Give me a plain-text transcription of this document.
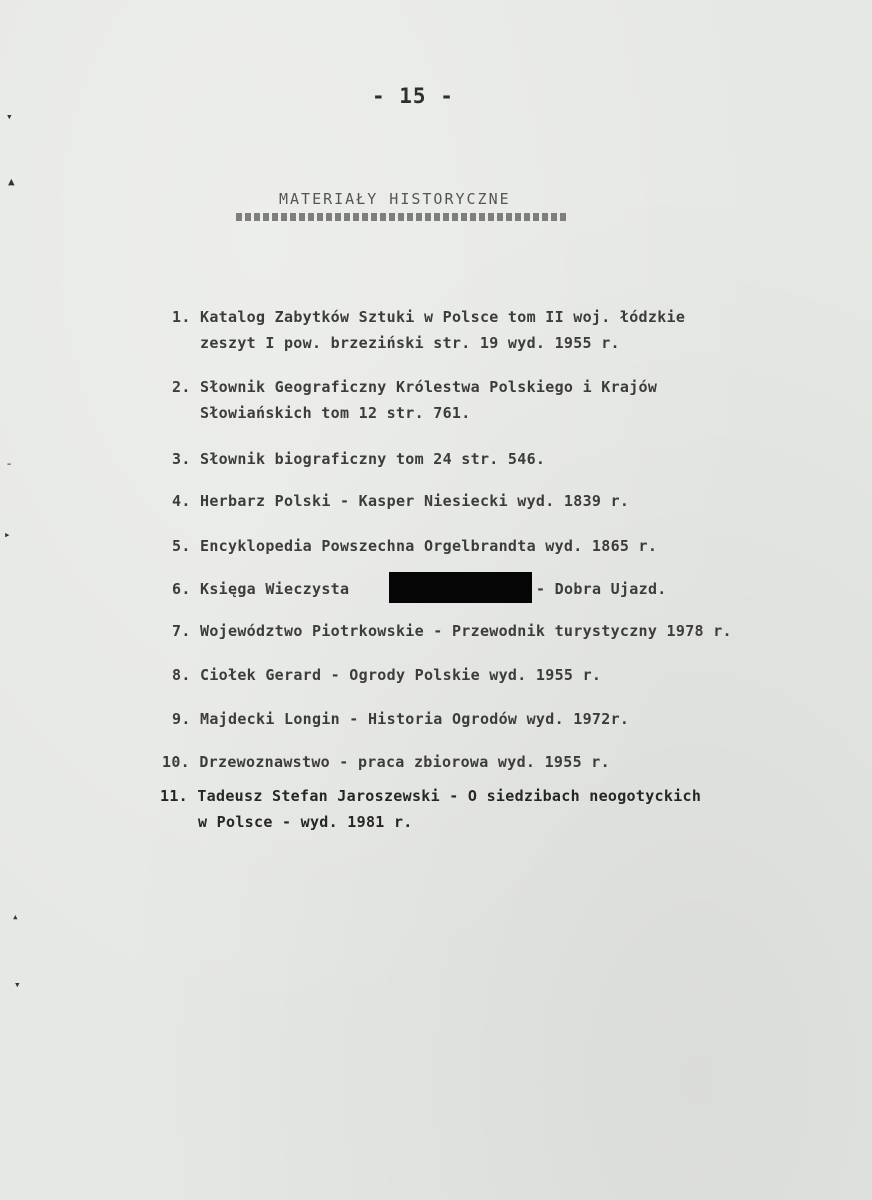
▾
▲
╶
▸
▴
▾
- 15 -
MATERIAŁY HISTORYCZNE
1. Katalog Zabytków Sztuki w Polsce tom II woj. łódzkie
zeszyt I pow. brzeziński str. 19 wyd. 1955 r.
2. Słownik Geograficzny Królestwa Polskiego i Krajów
Słowiańskich tom 12 str. 761.
3. Słownik biograficzny tom 24 str. 546.
4. Herbarz Polski - Kasper Niesiecki wyd. 1839 r.
5. Encyklopedia Powszechna Orgelbrandta wyd. 1865 r.
6. Księga Wieczysta	- Dobra Ujazd.
7. Województwo Piotrkowskie - Przewodnik turystyczny 1978 r.
8. Ciołek Gerard - Ogrody Polskie wyd. 1955 r.
9. Majdecki Longin - Historia Ogrodów wyd. 1972r.
10. Drzewoznawstwo - praca zbiorowa wyd. 1955 r.
11. Tadeusz Stefan Jaroszewski - O siedzibach neogotyckich
w Polsce - wyd. 1981 r.
